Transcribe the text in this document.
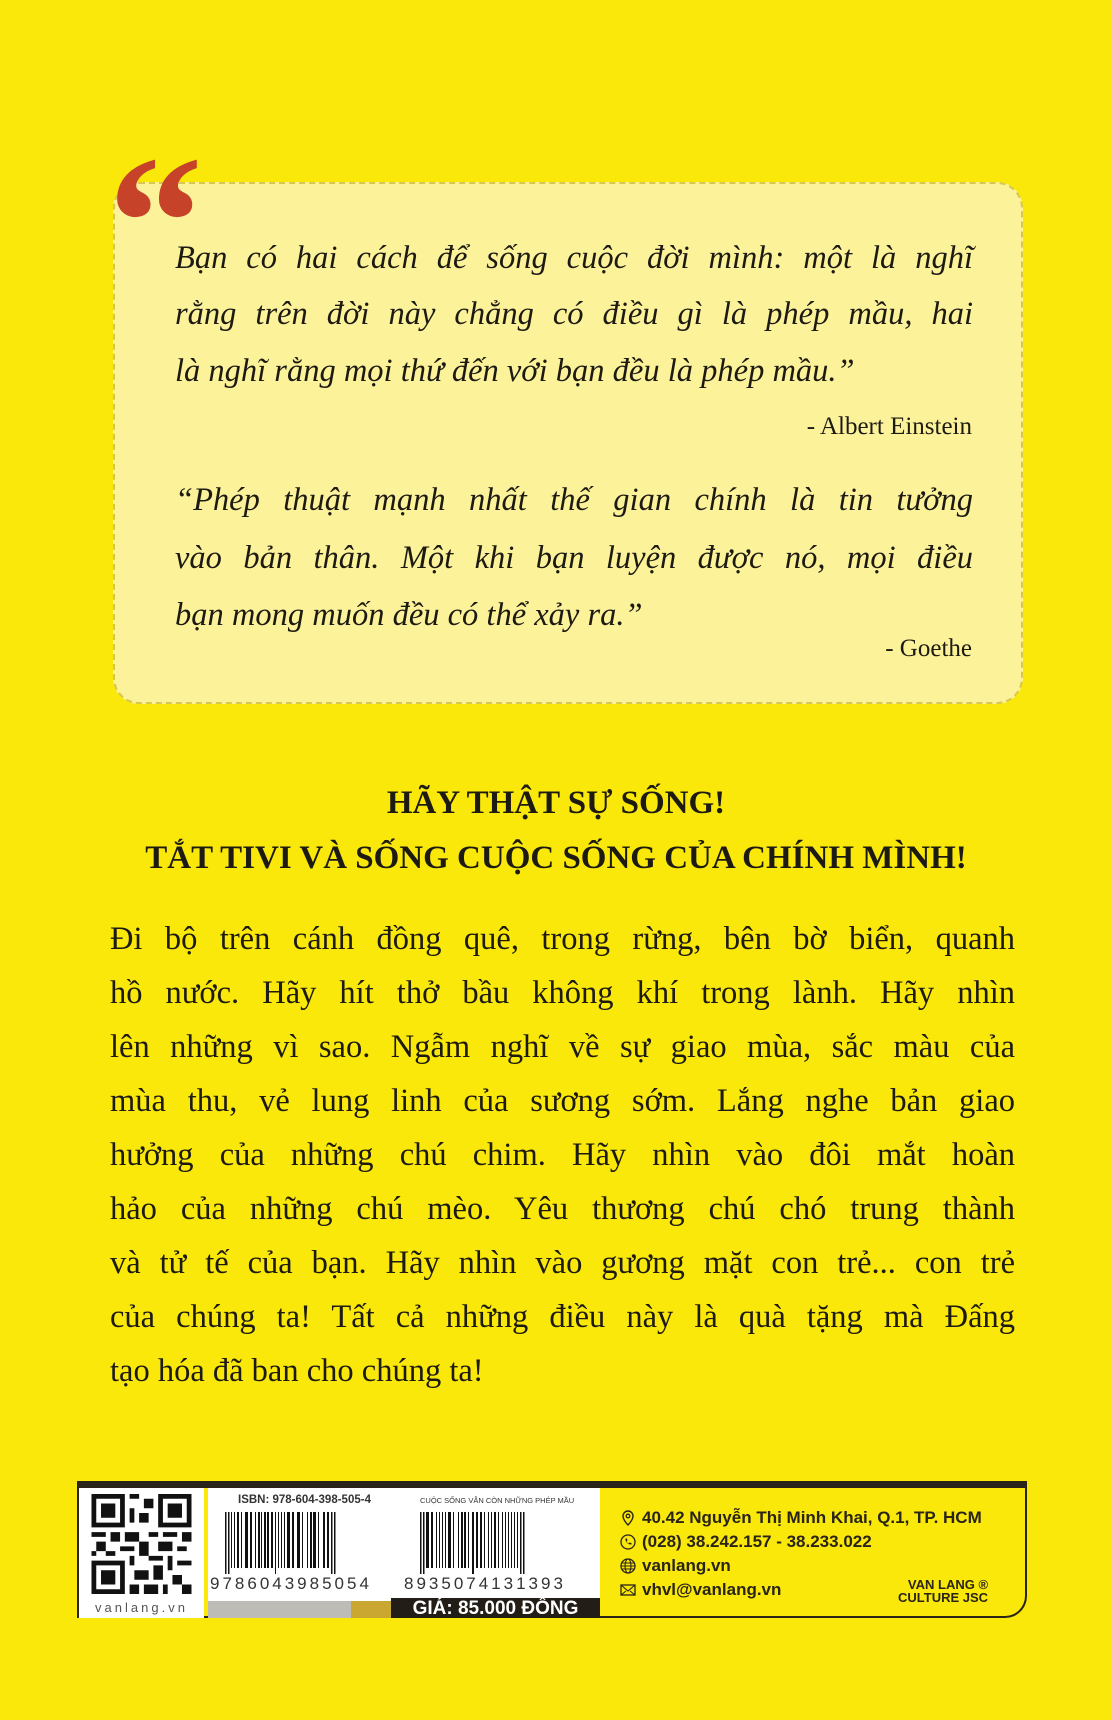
“
Bạn có hai cách để sống cuộc đời mình: một là nghĩ
rằng trên đời này chẳng có điều gì là phép mầu, hai
là nghĩ rằng mọi thứ đến với bạn đều là phép mầu.”
- Albert Einstein
“Phép thuật mạnh nhất thế gian chính là tin tưởng
vào bản thân. Một khi bạn luyện được nó, mọi điều
bạn mong muốn đều có thể xảy ra.”
- Goethe
HÃY THẬT SỰ SỐNG!
TẮT TIVI VÀ SỐNG CUỘC SỐNG CỦA CHÍNH MÌNH!
Đi bộ trên cánh đồng quê, trong rừng, bên bờ biển, quanh
hồ nước. Hãy hít thở bầu không khí trong lành. Hãy nhìn
lên những vì sao. Ngẫm nghĩ về sự giao mùa, sắc màu của
mùa thu, vẻ lung linh của sương sớm. Lắng nghe bản giao
hưởng của những chú chim. Hãy nhìn vào đôi mắt hoàn
hảo của những chú mèo. Yêu thương chú chó trung thành
và tử tế của bạn. Hãy nhìn vào gương mặt con trẻ... con trẻ
của chúng ta! Tất cả những điều này là quà tặng mà Đấng
tạo hóa đã ban cho chúng ta!
vanlang.vn
ISBN: 978-604-398-505-4	CUỘC SỐNG VẪN CÒN NHỮNG PHÉP MẦU
9786043985054 8935074131393
GIÁ: 85.000 ĐỒNG
40.42 Nguyễn Thị Minh Khai, Q.1, TP. HCM
(028) 38.242.157 - 38.233.022
vanlang.vn
vhvl@vanlang.vn	VAN LANG ®
CULTURE JSC
